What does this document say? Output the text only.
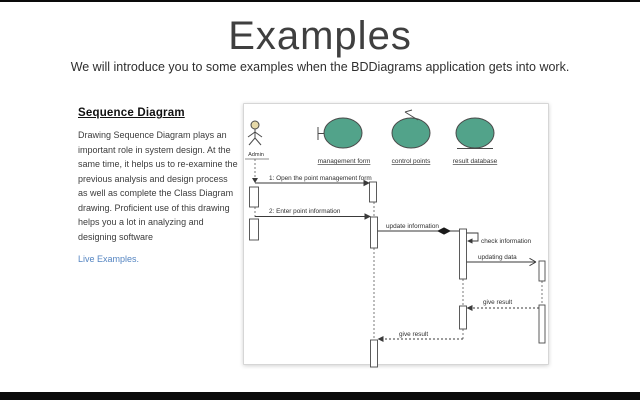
Examples
We will introduce you to some examples when the BDDiagrams application gets into work.
Sequence Diagram

Drawing Sequence Diagram plays an important role in system design. At the same time, it helps us to re-examine the previous analysis and design process as well as complete the Class Diagram drawing. Proficient use of this drawing helps you a lot in analyzing and designing software

Live Examples.
Admin
management form	control points	result database
1: Open the point management form
2: Enter point information
update information
check information
updating data
give result
give result
